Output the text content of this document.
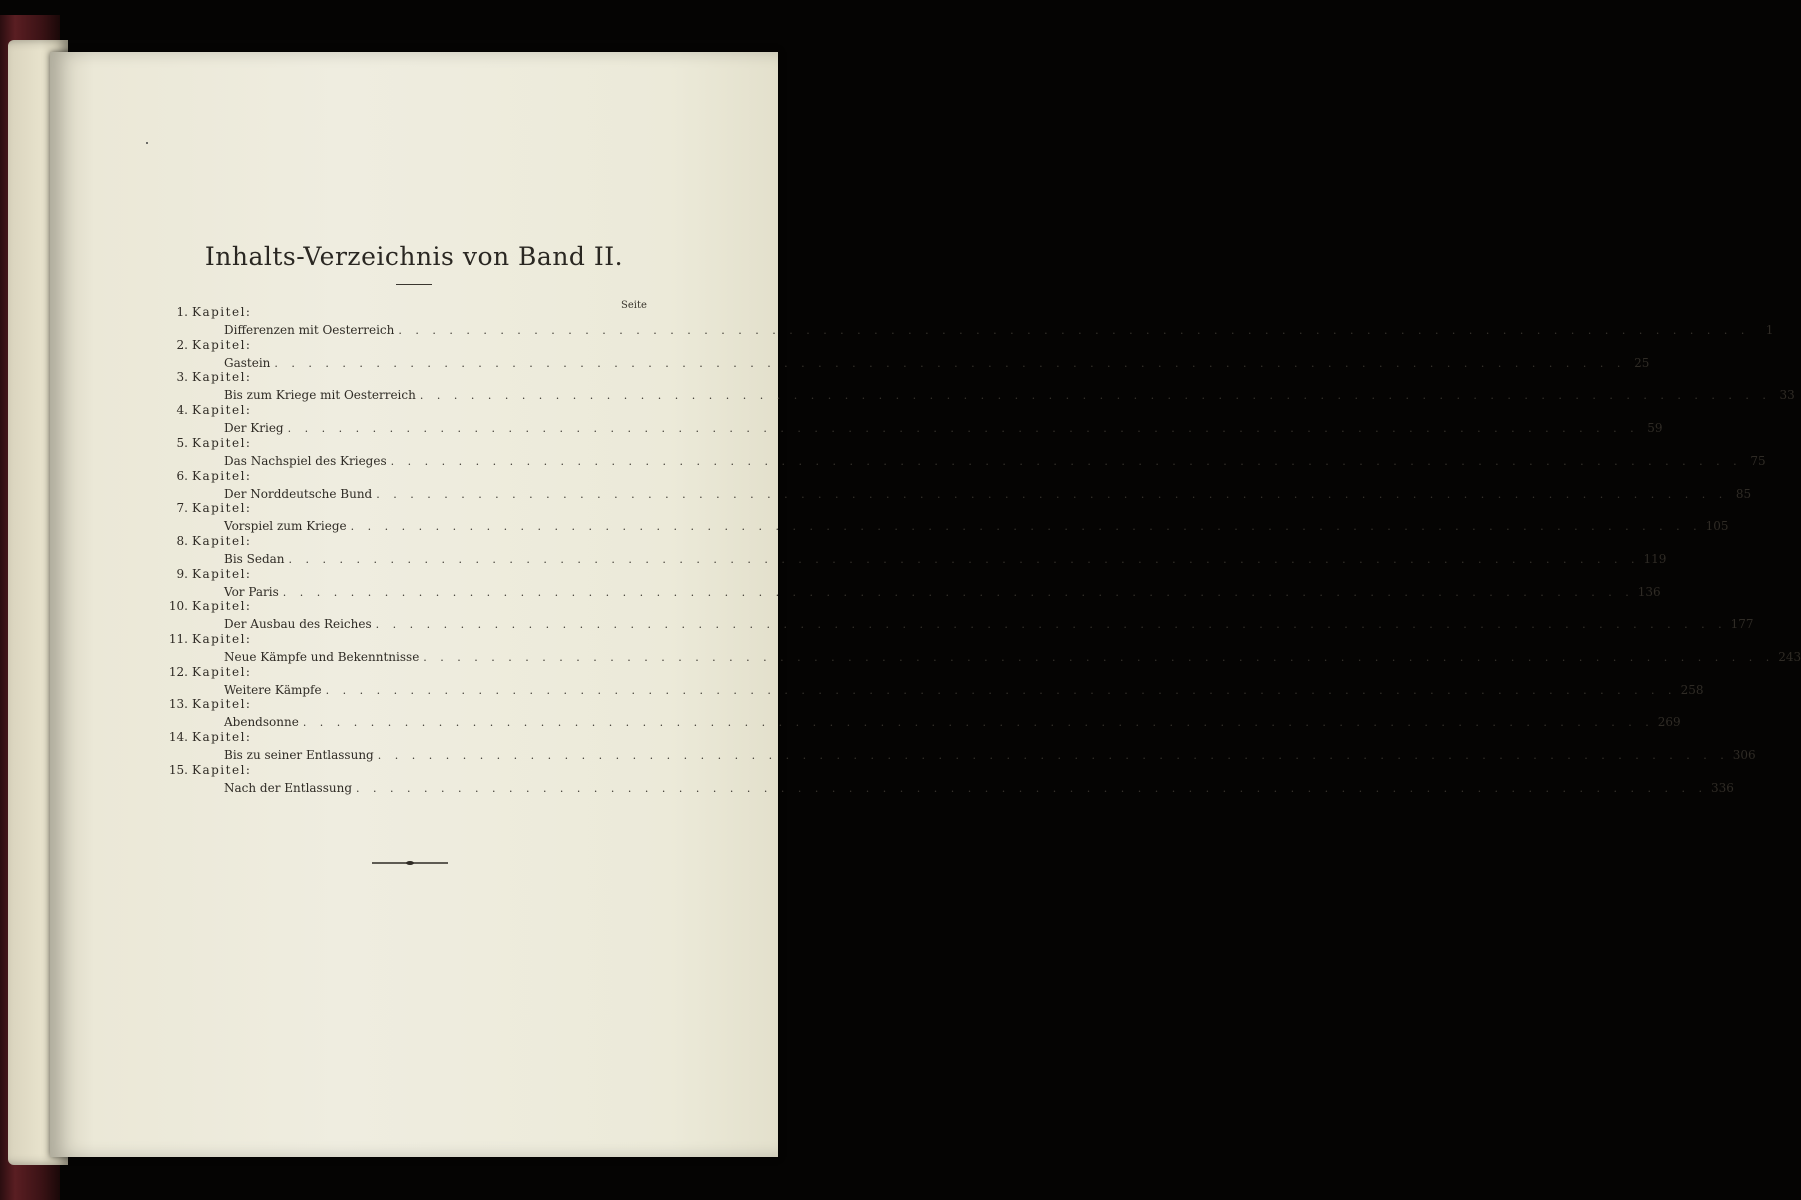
Inhalts-Verzeichnis von Band II.
Seite
1. Kapitel:
Differenzen mit Oesterreich . . . . . . . . . . . . . . . . . . . . . . . . . . . . . . . . . . . . . . . . . . . . . . . . . . . . . . . . . . . . . . . . . . . . . . . . . . . . . . . .	1
2. Kapitel:
Gastein . . . . . . . . . . . . . . . . . . . . . . . . . . . . . . . . . . . . . . . . . . . . . . . . . . . . . . . . . . . . . . . . . . . . . . . . . . . . . . . . 25
3. Kapitel:
Bis zum Kriege mit Oesterreich . . . . . . . . . . . . . . . . . . . . . . . . . . . . . . . . . . . . . . . . . . . . . . . . . . . . . . . . . . . . . . . . . . . . . . . . . . . . . . . . 33
4. Kapitel:
Der Krieg . . . . . . . . . . . . . . . . . . . . . . . . . . . . . . . . . . . . . . . . . . . . . . . . . . . . . . . . . . . . . . . . . . . . . . . . . . . . . . . . 59
5. Kapitel:
Das Nachspiel des Krieges . . . . . . . . . . . . . . . . . . . . . . . . . . . . . . . . . . . . . . . . . . . . . . . . . . . . . . . . . . . . . . . . . . . . . . . . . . . . . . . . 75
6. Kapitel:
Der Norddeutsche Bund . . . . . . . . . . . . . . . . . . . . . . . . . . . . . . . . . . . . . . . . . . . . . . . . . . . . . . . . . . . . . . . . . . . . . . . . . . . . . . . . 85
7. Kapitel:
Vorspiel zum Kriege . . . . . . . . . . . . . . . . . . . . . . . . . . . . . . . . . . . . . . . . . . . . . . . . . . . . . . . . . . . . . . . . . . . . . . . . . . . . . . . . 105
8. Kapitel:
Bis Sedan . . . . . . . . . . . . . . . . . . . . . . . . . . . . . . . . . . . . . . . . . . . . . . . . . . . . . . . . . . . . . . . . . . . . . . . . . . . . . . . . 119
9. Kapitel:
Vor Paris . . . . . . . . . . . . . . . . . . . . . . . . . . . . . . . . . . . . . . . . . . . . . . . . . . . . . . . . . . . . . . . . . . . . . . . . . . . . . . . . 136
10. Kapitel:
Der Ausbau des Reiches . . . . . . . . . . . . . . . . . . . . . . . . . . . . . . . . . . . . . . . . . . . . . . . . . . . . . . . . . . . . . . . . . . . . . . . . . . . . . . . . 177
11. Kapitel:
Neue Kämpfe und Bekenntnisse . . . . . . . . . . . . . . . . . . . . . . . . . . . . . . . . . . . . . . . . . . . . . . . . . . . . . . . . . . . . . . . . . . . . . . . . . . . . . . . . 243
12. Kapitel:
Weitere Kämpfe . . . . . . . . . . . . . . . . . . . . . . . . . . . . . . . . . . . . . . . . . . . . . . . . . . . . . . . . . . . . . . . . . . . . . . . . . . . . . . . . 258
13. Kapitel:
Abendsonne . . . . . . . . . . . . . . . . . . . . . . . . . . . . . . . . . . . . . . . . . . . . . . . . . . . . . . . . . . . . . . . . . . . . . . . . . . . . . . . . 269
14. Kapitel:
Bis zu seiner Entlassung . . . . . . . . . . . . . . . . . . . . . . . . . . . . . . . . . . . . . . . . . . . . . . . . . . . . . . . . . . . . . . . . . . . . . . . . . . . . . . . . 306
15. Kapitel:
Nach der Entlassung . . . . . . . . . . . . . . . . . . . . . . . . . . . . . . . . . . . . . . . . . . . . . . . . . . . . . . . . . . . . . . . . . . . . . . . . . . . . . . . . 336
